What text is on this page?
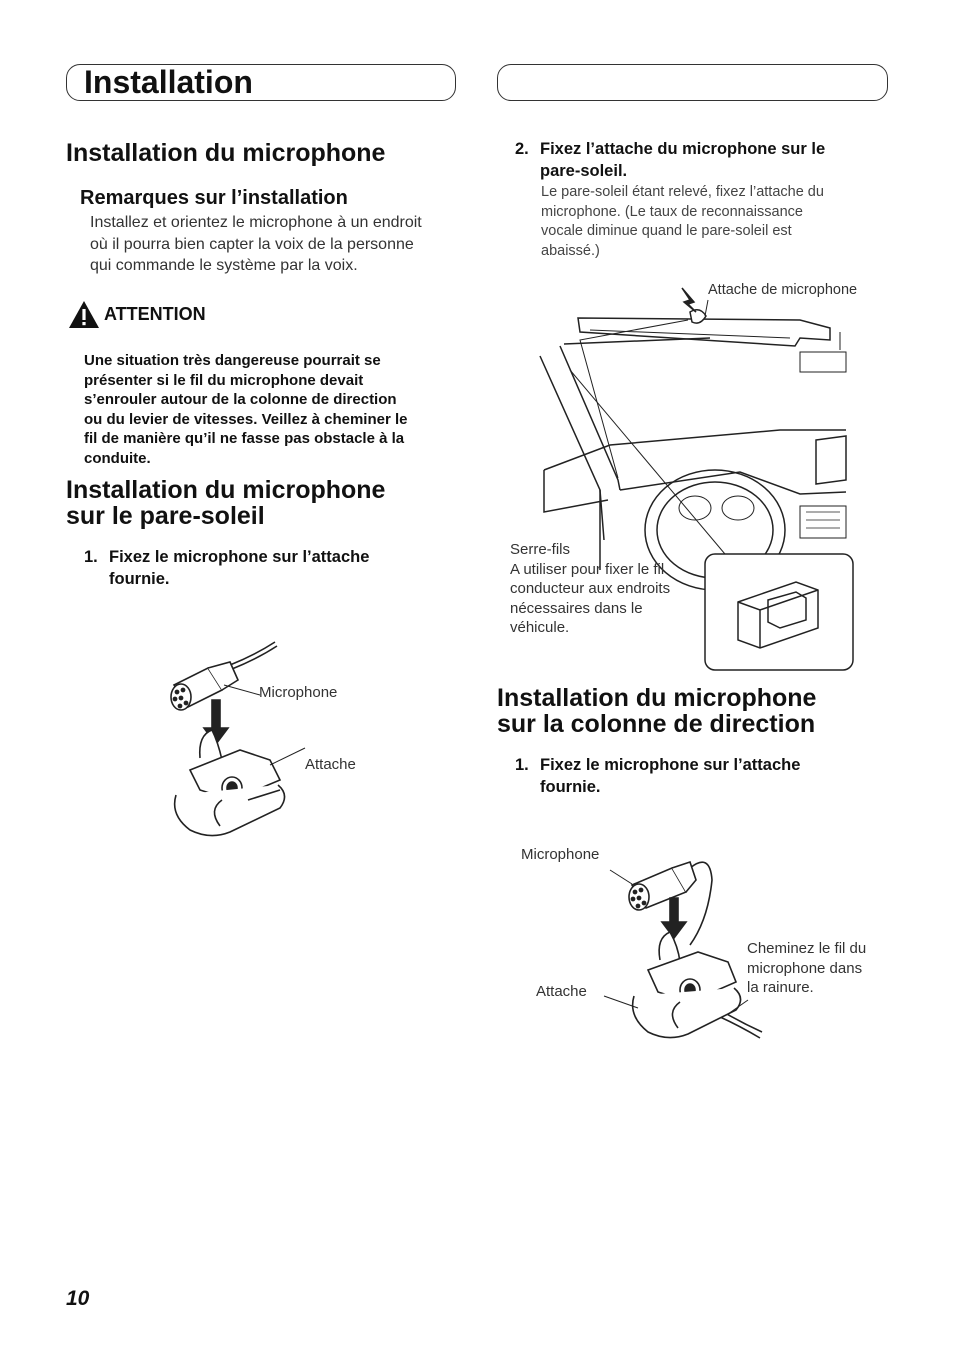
Installation
Installation du microphone
Remarques sur l’installation
Installez et orientez le microphone à un endroit
où il pourra bien capter la voix de la personne
qui commande le système par la voix.
ATTENTION
Une situation très dangereuse pourrait se
présenter si le fil du microphone devait
s’enrouler autour de la colonne de direction
ou du levier de vitesses. Veillez à cheminer le
fil de manière qu’il ne fasse pas obstacle à la
conduite.
Installation du microphone
sur le pare-soleil
1. Fixez le microphone sur l’attache
fournie.
Microphone
Attache
2. Fixez l’attache du microphone sur le
pare-soleil.
Le pare-soleil étant relevé, fixez l’attache du
microphone. (Le taux de reconnaissance
vocale diminue quand le pare-soleil est
abaissé.)
Attache de microphone
Serre-fils
A utiliser pour fixer le fil
conducteur aux endroits
nécessaires dans le
véhicule.
Installation du microphone
sur la colonne de direction
1. Fixez le microphone sur l’attache
fournie.
Microphone
Attache
Cheminez le fil du
microphone dans
la rainure.
10
